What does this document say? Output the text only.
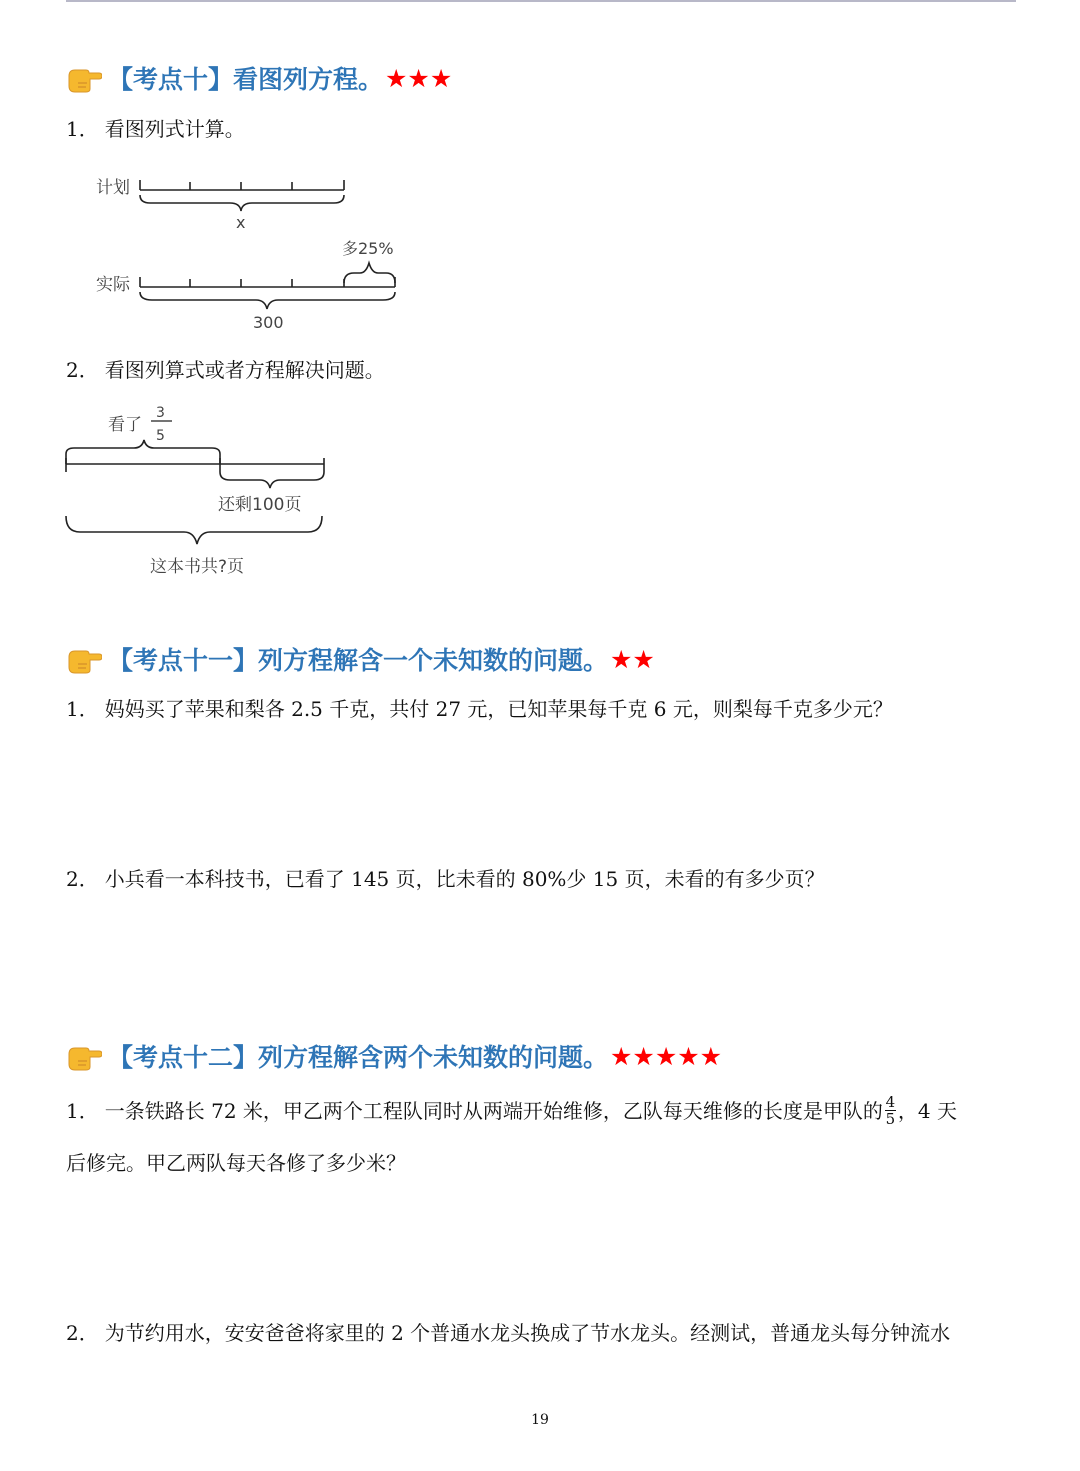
【考点十】看图列方程。 ★★★
1． 看图列式计算。
计划
x
多25%
实际
300
2． 看图列算式或者方程解决问题。
看了
3
5
还剩100页
这本书共?页
【考点十一】列方程解含一个未知数的问题。 ★★
1． 妈妈买了苹果和梨各 2.5 千克，共付 27 元，已知苹果每千克 6 元，则梨每千克多少元？
2． 小兵看一本科技书，已看了 145 页，比未看的 80%少 15 页，未看的有多少页？
【考点十二】列方程解含两个未知数的问题。 ★★★★★
1． 一条铁路长 72 米，甲乙两个工程队同时从两端开始维修，乙队每天维修的长度是甲队的 $\frac{4}{5}$ ，4 天
后修完。甲乙两队每天各修了多少米？
2． 为节约用水，安安爸爸将家里的 2 个普通水龙头换成了节水龙头。经测试，普通龙头每分钟流水
19
